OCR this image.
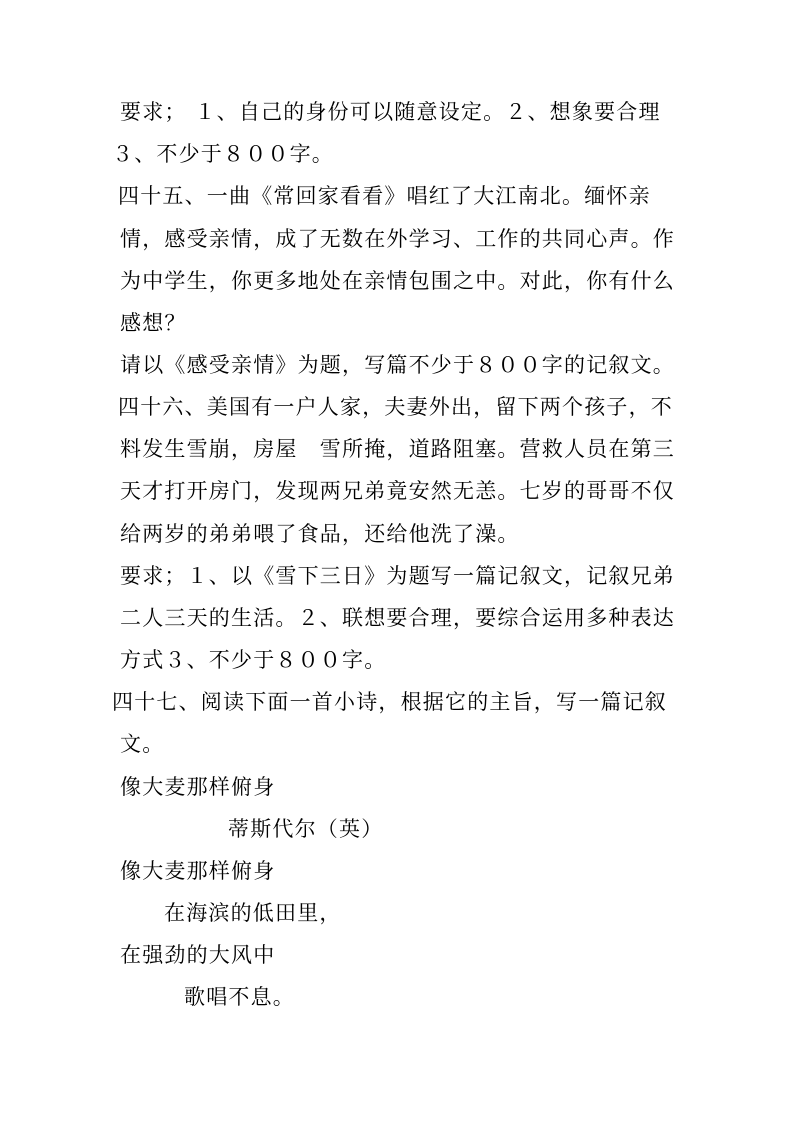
要求； １、自己的身份可以随意设定。２、想象要合理
３、不少于８００字。
四十五、一曲《常回家看看》唱红了大江南北。缅怀亲
情，感受亲情，成了无数在外学习、工作的共同心声。作
为中学生，你更多地处在亲情包围之中。对此，你有什么
感想？
请以《感受亲情》为题，写篇不少于８００字的记叙文。
四十六、美国有一户人家，夫妻外出，留下两个孩子，不
料发生雪崩，房屋　雪所掩，道路阻塞。营救人员在第三
天才打开房门，发现两兄弟竟安然无恙。七岁的哥哥不仅
给两岁的弟弟喂了食品，还给他洗了澡。
要求；１、以《雪下三日》为题写一篇记叙文，记叙兄弟
二人三天的生活。２、联想要合理，要综合运用多种表达
方式３、不少于８００字。
四十七、阅读下面一首小诗，根据它的主旨，写一篇记叙
文。
像大麦那样俯身
蒂斯代尔（英）
像大麦那样俯身
在海滨的低田里，
在强劲的大风中
歌唱不息。
